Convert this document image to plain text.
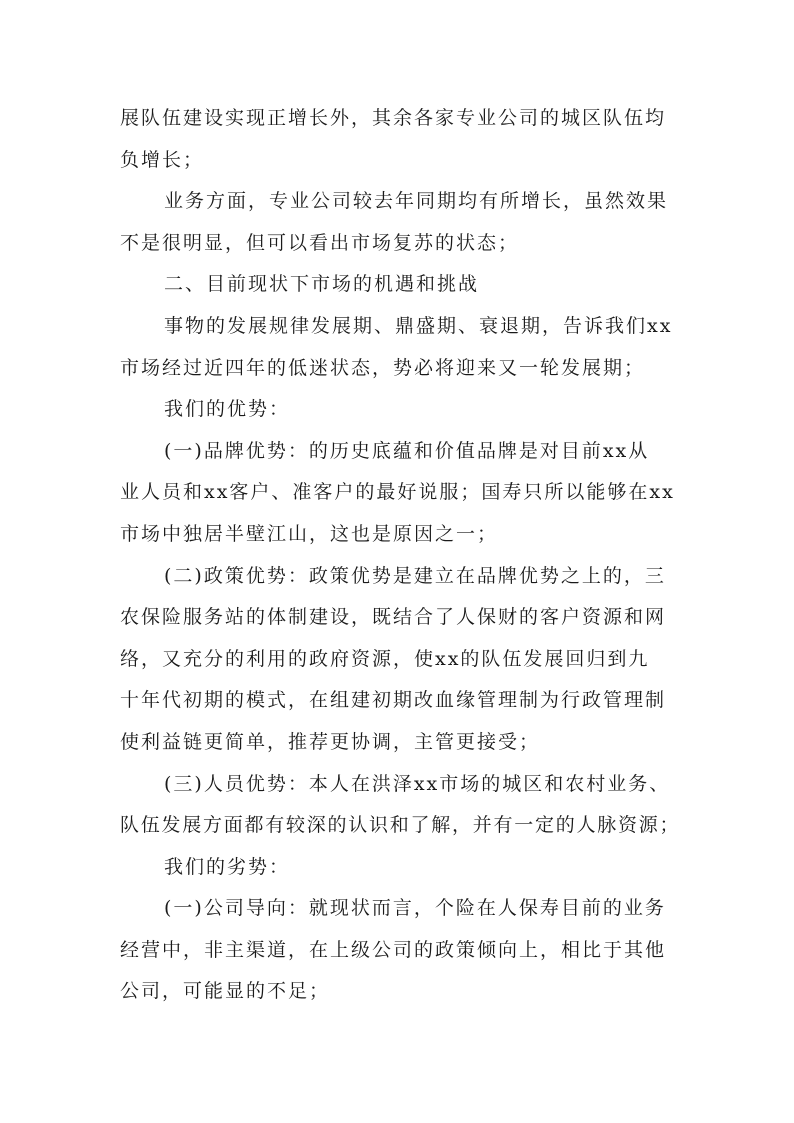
展队伍建设实现正增长外，其余各家专业公司的城区队伍均
负增长；
业务方面，专业公司较去年同期均有所增长，虽然效果
不是很明显，但可以看出市场复苏的状态；
二、目前现状下市场的机遇和挑战
事物的发展规律发展期、鼎盛期、衰退期，告诉我们xx
市场经过近四年的低迷状态，势必将迎来又一轮发展期；
我们的优势：
(一)品牌优势：的历史底蕴和价值品牌是对目前xx从
业人员和xx客户、准客户的最好说服；国寿只所以能够在xx
市场中独居半壁江山，这也是原因之一；
(二)政策优势：政策优势是建立在品牌优势之上的，三
农保险服务站的体制建设，既结合了人保财的客户资源和网
络，又充分的利用的政府资源，使xx的队伍发展回归到九
十年代初期的模式，在组建初期改血缘管理制为行政管理制
使利益链更简单，推荐更协调，主管更接受；
(三)人员优势：本人在洪泽xx市场的城区和农村业务、
队伍发展方面都有较深的认识和了解，并有一定的人脉资源；
我们的劣势：
(一)公司导向：就现状而言，个险在人保寿目前的业务
经营中，非主渠道，在上级公司的政策倾向上，相比于其他
公司，可能显的不足；
